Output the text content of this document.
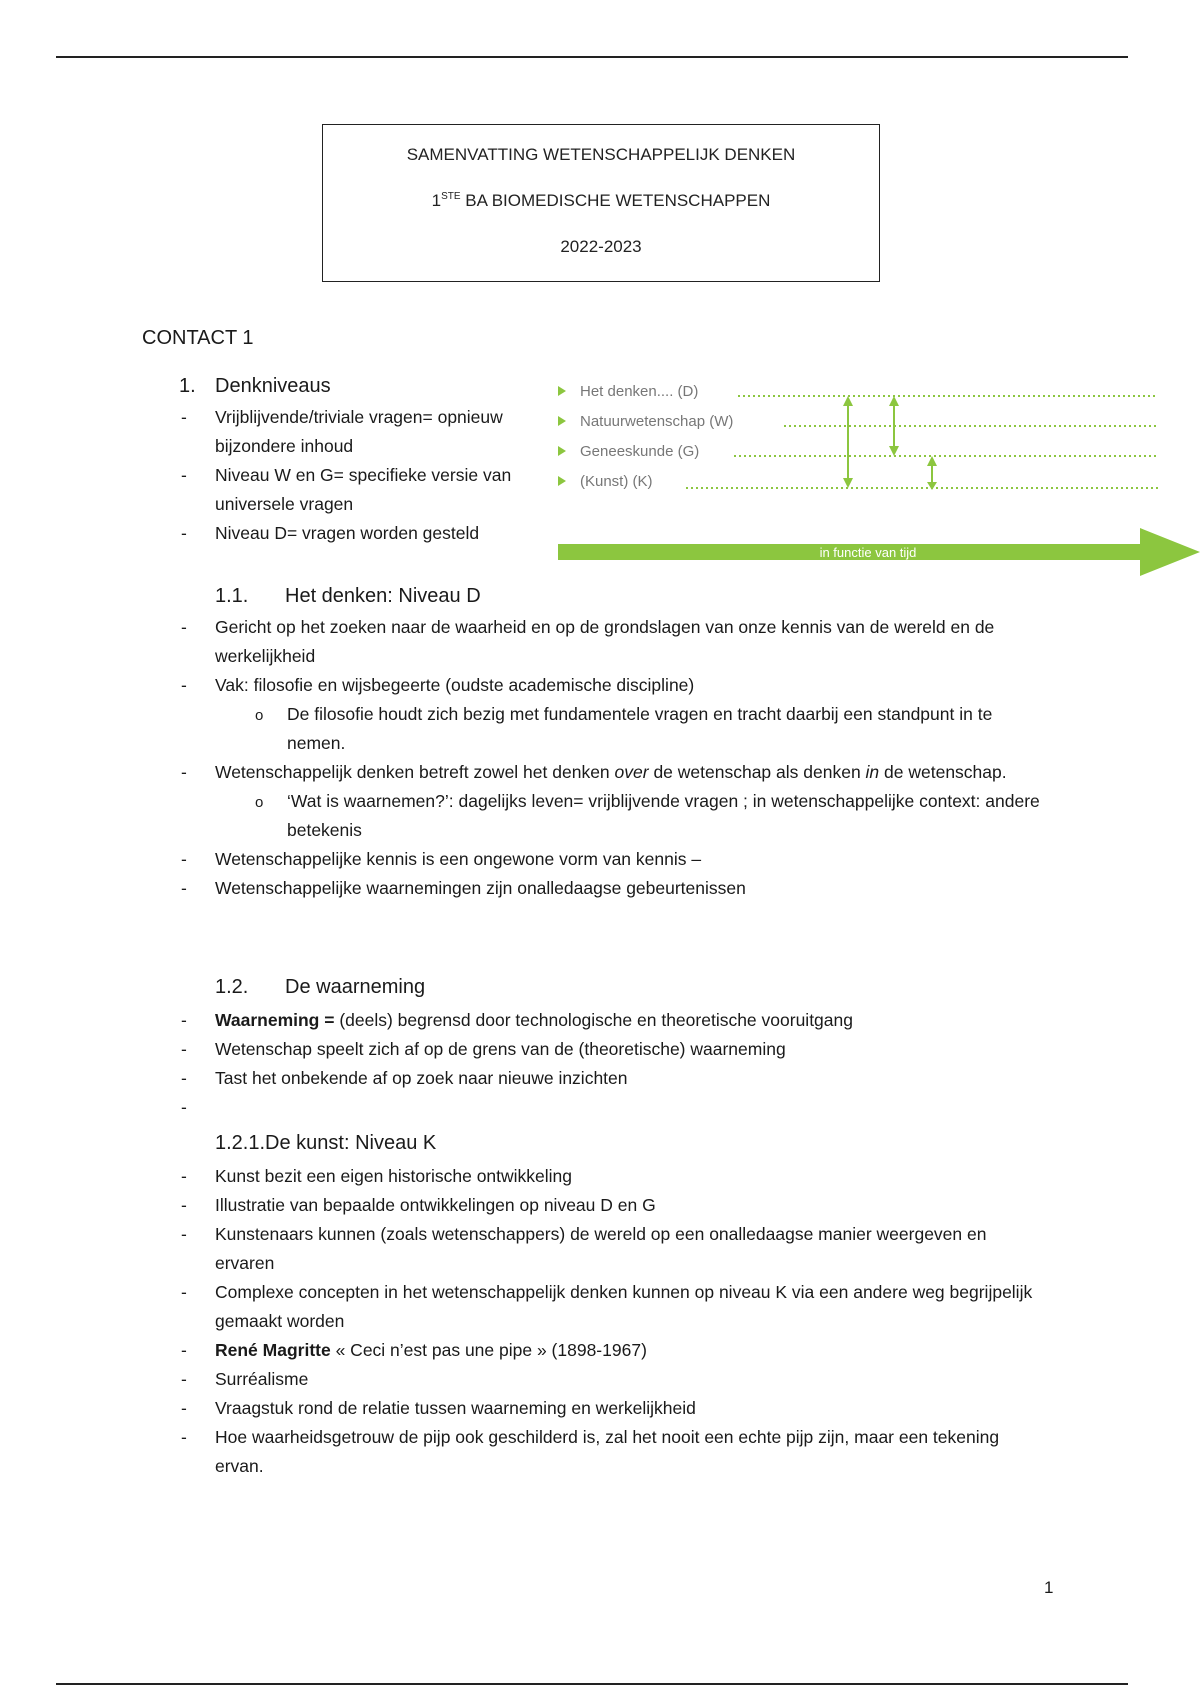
SAMENVATTING WETENSCHAPPELIJK DENKEN
1STE BA BIOMEDISCHE WETENSCHAPPEN
2022-2023
CONTACT 1
1. Denkniveaus
- Vrijblijvende/triviale vragen= opnieuw bijzondere inhoud
- Niveau W en G= specifieke versie van universele vragen
- Niveau D= vragen worden gesteld
Het denken.... (D)
Natuurwetenschap (W)
Geneeskunde (G)
(Kunst) (K)
in functie van tijd
1.1. Het denken: Niveau D
- Gericht op het zoeken naar de waarheid en op de grondslagen van onze kennis van de wereld en de werkelijkheid
- Vak: filosofie en wijsbegeerte (oudste academische discipline)
o De filosofie houdt zich bezig met fundamentele vragen en tracht daarbij een standpunt in te nemen.
- Wetenschappelijk denken betreft zowel het denken over de wetenschap als denken in de wetenschap.
o ‘Wat is waarnemen?’: dagelijks leven= vrijblijvende vragen ; in wetenschappelijke context: andere betekenis
- Wetenschappelijke kennis is een ongewone vorm van kennis –
- Wetenschappelijke waarnemingen zijn onalledaagse gebeurtenissen
1.2. De waarneming
- Waarneming = (deels) begrensd door technologische en theoretische vooruitgang
- Wetenschap speelt zich af op de grens van de (theoretische) waarneming
- Tast het onbekende af op zoek naar nieuwe inzichten
-
1.2.1.De kunst: Niveau K
- Kunst bezit een eigen historische ontwikkeling
- Illustratie van bepaalde ontwikkelingen op niveau D en G
- Kunstenaars kunnen (zoals wetenschappers) de wereld op een onalledaagse manier weergeven en ervaren
- Complexe concepten in het wetenschappelijk denken kunnen op niveau K via een andere weg begrijpelijk gemaakt worden
- René Magritte « Ceci n’est pas une pipe » (1898-1967)
- Surréalisme
- Vraagstuk rond de relatie tussen waarneming en werkelijkheid
- Hoe waarheidsgetrouw de pijp ook geschilderd is, zal het nooit een echte pijp zijn, maar een tekening ervan.
1
